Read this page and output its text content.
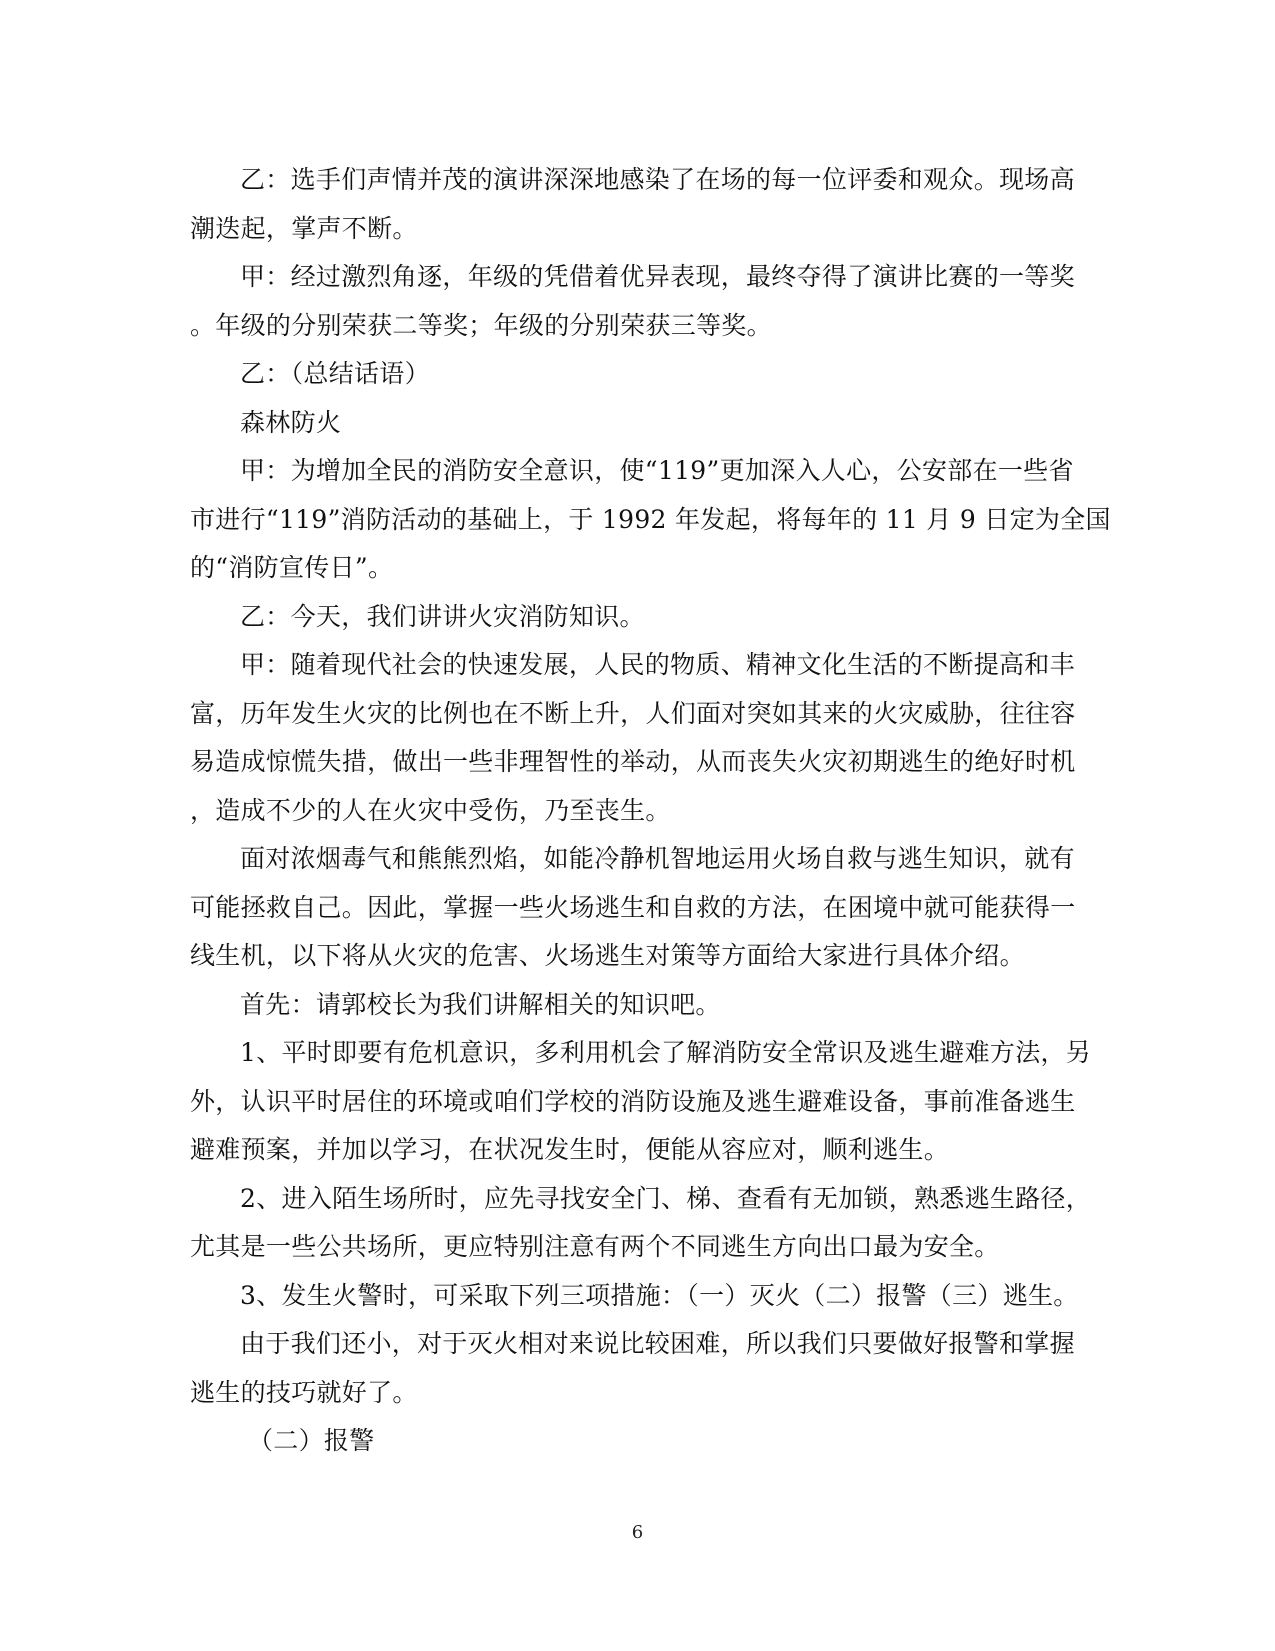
乙：选手们声情并茂的演讲深深地感染了在场的每一位评委和观众。现场高
潮迭起，掌声不断。
甲：经过激烈角逐，年级的凭借着优异表现，最终夺得了演讲比赛的一等奖
。年级的分别荣获二等奖；年级的分别荣获三等奖。
乙：（总结话语）
森林防火
甲：为增加全民的消防安全意识，使“119”更加深入人心，公安部在一些省
市进行“119”消防活动的基础上，于 1992 年发起，将每年的 11 月 9 日定为全国
的“消防宣传日”。
乙：今天，我们讲讲火灾消防知识。
甲：随着现代社会的快速发展，人民的物质、精神文化生活的不断提高和丰
富，历年发生火灾的比例也在不断上升，人们面对突如其来的火灾威胁，往往容
易造成惊慌失措，做出一些非理智性的举动，从而丧失火灾初期逃生的绝好时机
，造成不少的人在火灾中受伤，乃至丧生。
面对浓烟毒气和熊熊烈焰，如能冷静机智地运用火场自救与逃生知识，就有
可能拯救自己。因此，掌握一些火场逃生和自救的方法，在困境中就可能获得一
线生机，以下将从火灾的危害、火场逃生对策等方面给大家进行具体介绍。
首先：请郭校长为我们讲解相关的知识吧。
1、平时即要有危机意识，多利用机会了解消防安全常识及逃生避难方法，另
外，认识平时居住的环境或咱们学校的消防设施及逃生避难设备，事前准备逃生
避难预案，并加以学习，在状况发生时，便能从容应对，顺利逃生。
2、进入陌生场所时，应先寻找安全门、梯、查看有无加锁，熟悉逃生路径，
尤其是一些公共场所，更应特别注意有两个不同逃生方向出口最为安全。
3、发生火警时，可采取下列三项措施：（一）灭火（二）报警（三）逃生。
由于我们还小，对于灭火相对来说比较困难，所以我们只要做好报警和掌握
逃生的技巧就好了。
（二）报警
6
